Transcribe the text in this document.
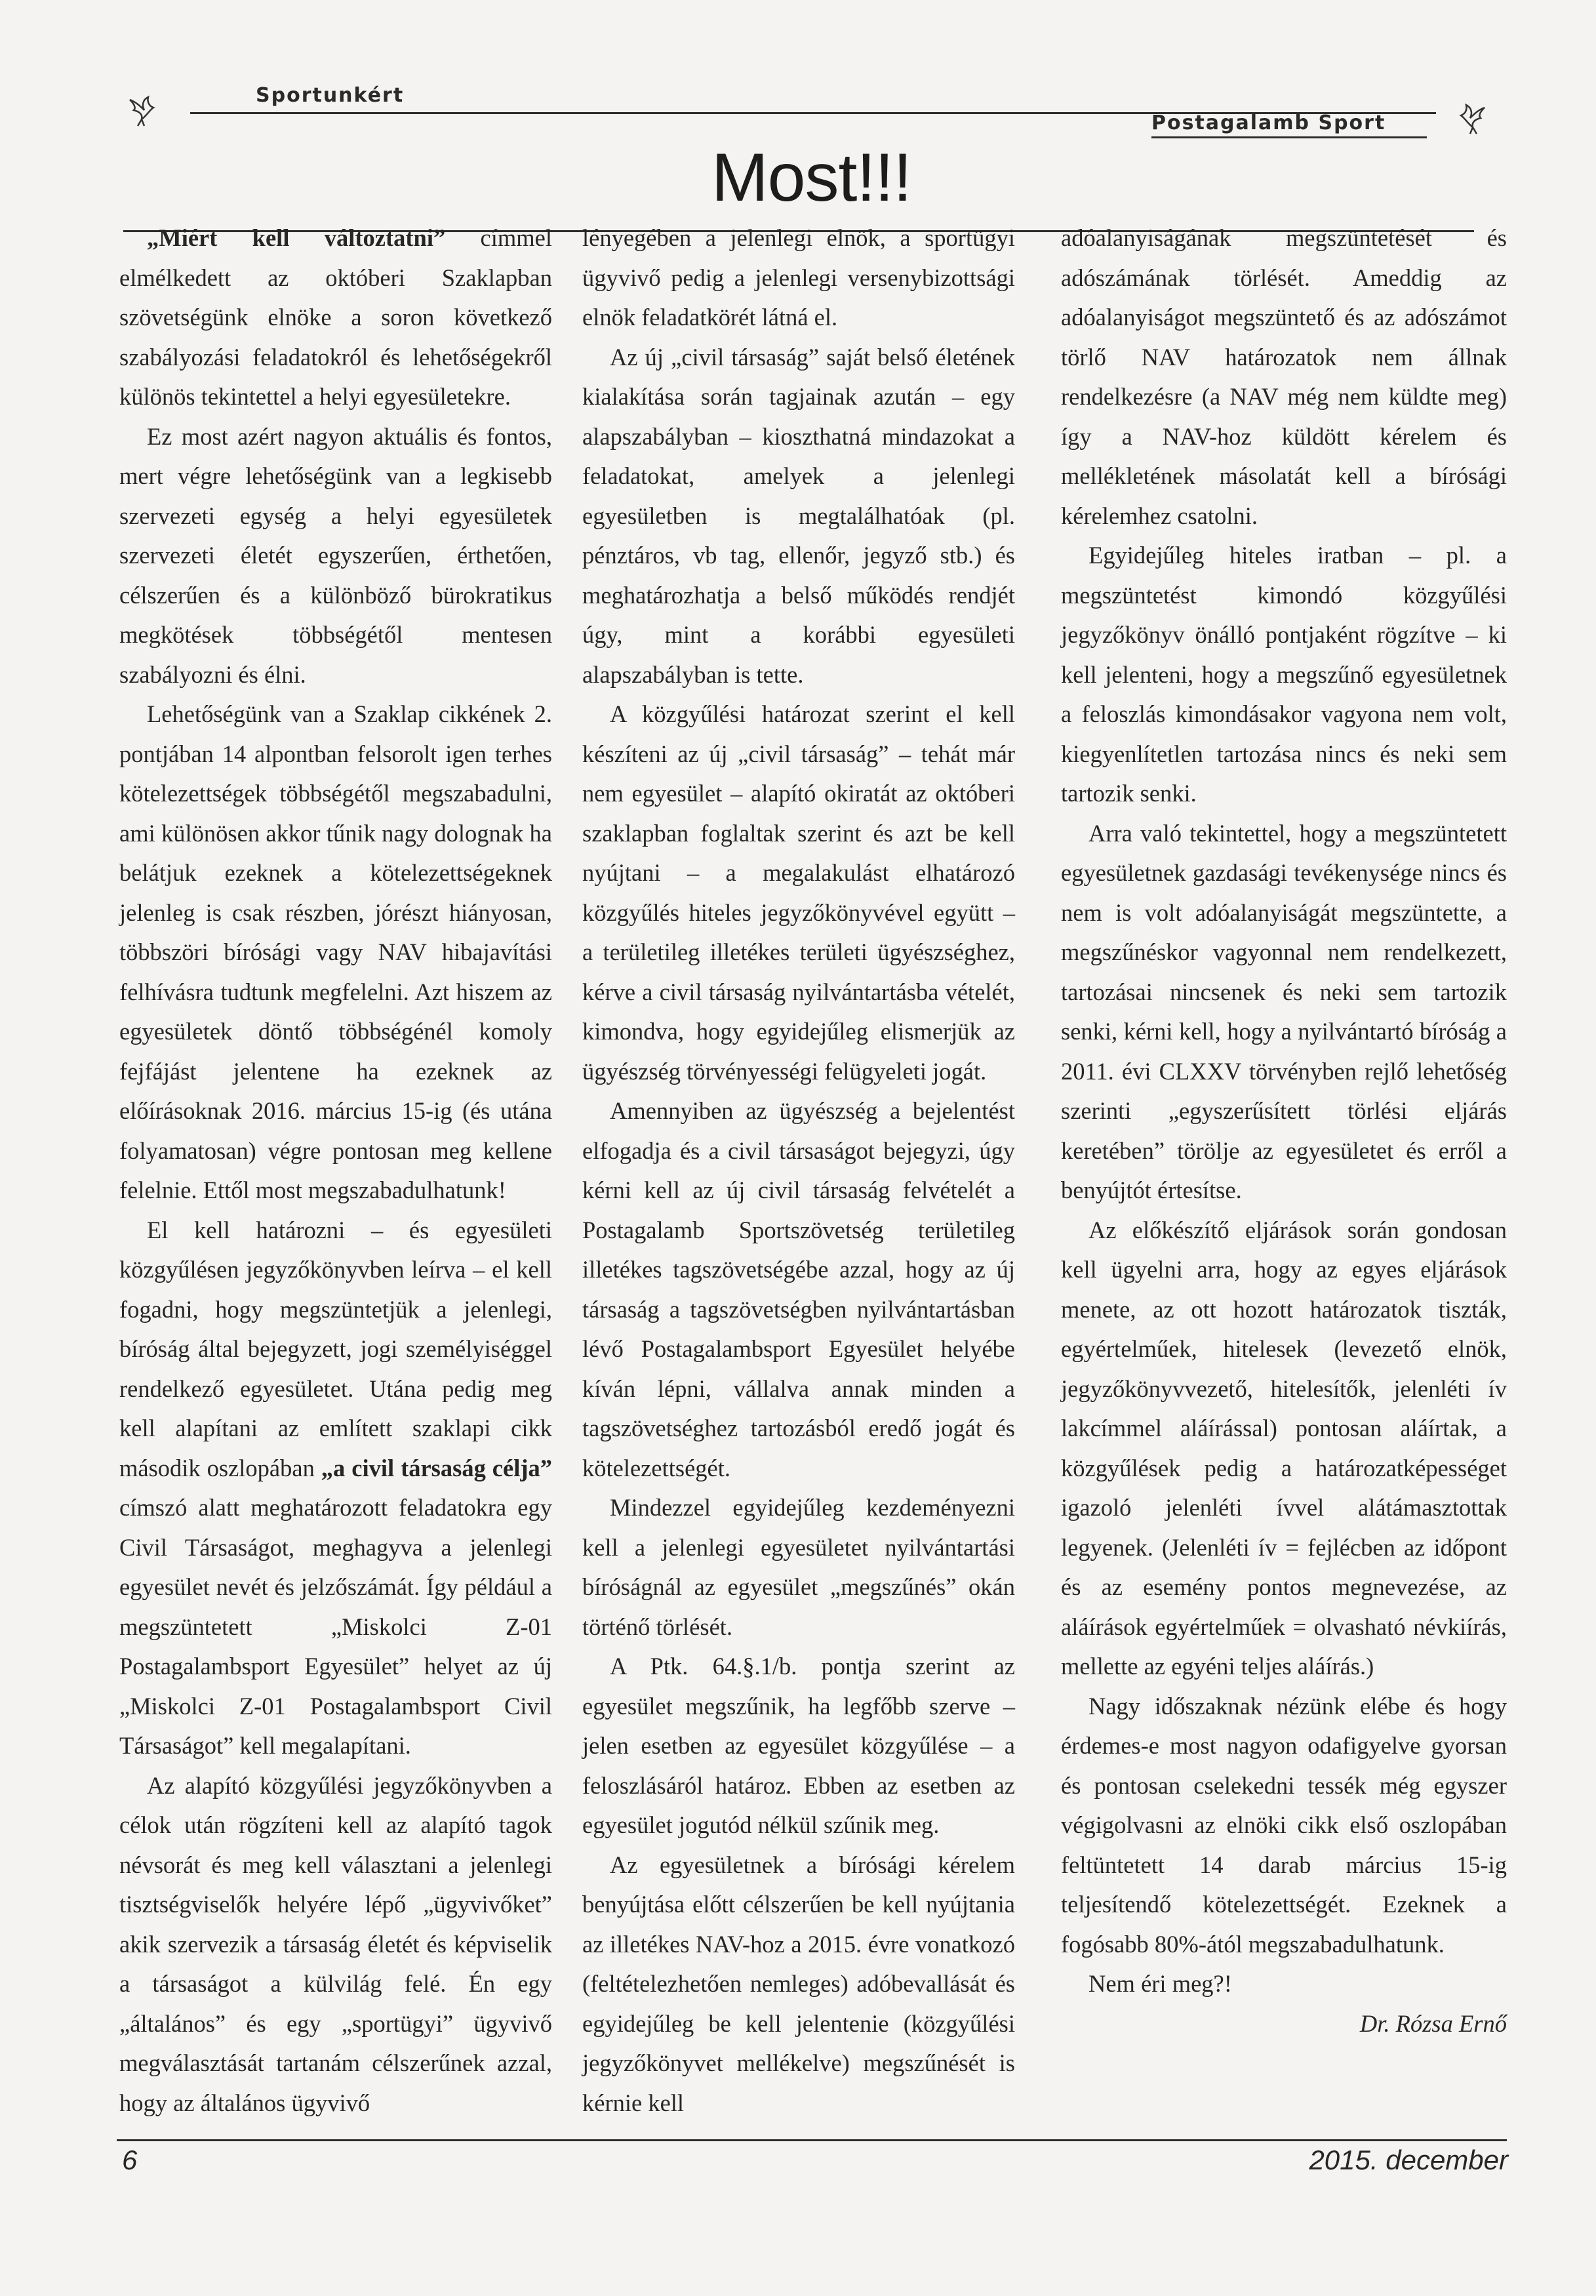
Sportunkért
Postagalamb Sport
Most!!!

„Miért kell változtatni” címmel elmélkedett az októberi Szaklapban szövetségünk elnöke a soron következő szabályozási feladatokról és lehetőségekről különös tekintettel a helyi egyesületekre.

Ez most azért nagyon aktuális és fontos, mert végre lehetőségünk van a legkisebb szervezeti egység a helyi egyesületek szervezeti életét egyszerűen, érthetően, célszerűen és a különböző bürokratikus megkötések többségétől mentesen szabályozni és élni.

Lehetőségünk van a Szaklap cikkének 2. pontjában 14 alpontban felsorolt igen terhes kötelezettségek többségétől megszabadulni, ami különösen akkor tűnik nagy dolognak ha belátjuk ezeknek a kötelezettségeknek jelenleg is csak részben, jórészt hiányosan, többszöri bírósági vagy NAV hibajavítási felhívásra tudtunk megfelelni. Azt hiszem az egyesületek döntő többségénél komoly fejfájást jelentene ha ezeknek az előírásoknak 2016. március 15-ig (és utána folyamatosan) végre pontosan meg kellene felelnie. Ettől most megszabadulhatunk!

El kell határozni – és egyesületi közgyűlésen jegyzőkönyvben leírva – el kell fogadni, hogy megszüntetjük a jelenlegi, bíróság által bejegyzett, jogi személyiséggel rendelkező egyesületet. Utána pedig meg kell alapítani az említett szaklapi cikk második oszlopában „a civil társaság célja” címszó alatt meghatározott feladatokra egy Civil Társaságot, meghagyva a jelenlegi egyesület nevét és jelzőszámát. Így például a megszüntetett „Miskolci Z-01 Postagalambsport Egyesület” helyet az új „Miskolci Z-01 Postagalambsport Civil Társaságot” kell megalapítani.

Az alapító közgyűlési jegyzőkönyvben a célok után rögzíteni kell az alapító tagok névsorát és meg kell választani a jelenlegi tisztségviselők helyére lépő „ügyvivőket” akik szervezik a társaság életét és képviselik a társaságot a külvilág felé. Én egy „általános” és egy „sportügyi” ügyvivő megválasztását tartanám célszerűnek azzal, hogy az általános ügyvivő

lényegében a jelenlegi elnök, a sportügyi ügyvivő pedig a jelenlegi versenybizottsági elnök feladatkörét látná el.

Az új „civil társaság” saját belső életének kialakítása során tagjainak azután – egy alapszabályban – kioszthatná mindazokat a feladatokat, amelyek a jelenlegi egyesületben is megtalálhatóak (pl. pénztáros, vb tag, ellenőr, jegyző stb.) és meghatározhatja a belső működés rendjét úgy, mint a korábbi egyesületi alapszabályban is tette.

A közgyűlési határozat szerint el kell készíteni az új „civil társaság” – tehát már nem egyesület – alapító okiratát az októberi szaklapban foglaltak szerint és azt be kell nyújtani – a megalakulást elhatározó közgyűlés hiteles jegyzőkönyvével együtt – a területileg illetékes területi ügyészséghez, kérve a civil társaság nyilvántartásba vételét, kimondva, hogy egyidejűleg elismerjük az ügyészség törvényességi felügyeleti jogát.

Amennyiben az ügyészség a bejelentést elfogadja és a civil társaságot bejegyzi, úgy kérni kell az új civil társaság felvételét a Postagalamb Sportszövetség területileg illetékes tagszövetségébe azzal, hogy az új társaság a tagszövetségben nyilvántartásban lévő Postagalambsport Egyesület helyébe kíván lépni, vállalva annak minden a tagszövetséghez tartozásból eredő jogát és kötelezettségét.

Mindezzel egyidejűleg kezdeményezni kell a jelenlegi egyesületet nyilvántartási bíróságnál az egyesület „megszűnés” okán történő törlését.

A Ptk. 64.§.1/b. pontja szerint az egyesület megszűnik, ha legfőbb szerve – jelen esetben az egyesület közgyűlése – a feloszlásáról határoz. Ebben az esetben az egyesület jogutód nélkül szűnik meg.

Az egyesületnek a bírósági kérelem benyújtása előtt célszerűen be kell nyújtania az illetékes NAV-hoz a 2015. évre vonatkozó (feltételezhetően nemleges) adóbevallását és egyidejűleg be kell jelentenie (közgyűlési jegyzőkönyvet mellékelve) megszűnését is kérnie kell

adóalanyiságának megszüntetését és adószámának törlését. Ameddig az adóalanyiságot megszüntető és az adószámot törlő NAV határozatok nem állnak rendelkezésre (a NAV még nem küldte meg) így a NAV-hoz küldött kérelem és mellékletének másolatát kell a bírósági kérelemhez csatolni.

Egyidejűleg hiteles iratban – pl. a megszüntetést kimondó közgyűlési jegyzőkönyv önálló pontjaként rögzítve – ki kell jelenteni, hogy a megszűnő egyesületnek a feloszlás kimondásakor vagyona nem volt, kiegyenlítetlen tartozása nincs és neki sem tartozik senki.

Arra való tekintettel, hogy a megszüntetett egyesületnek gazdasági tevékenysége nincs és nem is volt adóalanyiságát megszüntette, a megszűnéskor vagyonnal nem rendelkezett, tartozásai nincsenek és neki sem tartozik senki, kérni kell, hogy a nyilvántartó bíróság a 2011. évi CLXXV törvényben rejlő lehetőség szerinti „egyszerűsített törlési eljárás keretében” törölje az egyesületet és erről a benyújtót értesítse.

Az előkészítő eljárások során gondosan kell ügyelni arra, hogy az egyes eljárások menete, az ott hozott határozatok tiszták, egyértelműek, hitelesek (levezető elnök, jegyzőkönyvvezető, hitelesítők, jelenléti ív lakcímmel aláírással) pontosan aláírtak, a közgyűlések pedig a határozatképességet igazoló jelenléti ívvel alátámasztottak legyenek. (Jelenléti ív = fejlécben az időpont és az esemény pontos megnevezése, az aláírások egyértelműek = olvasható névkiírás, mellette az egyéni teljes aláírás.)

Nagy időszaknak nézünk elébe és hogy érdemes-e most nagyon odafigyelve gyorsan és pontosan cselekedni tessék még egyszer végigolvasni az elnöki cikk első oszlopában feltüntetett 14 darab március 15-ig teljesítendő kötelezettségét. Ezeknek a fogósabb 80%-ától megszabadulhatunk.

Nem éri meg?!

Dr. Rózsa Ernő

6	2015. december
